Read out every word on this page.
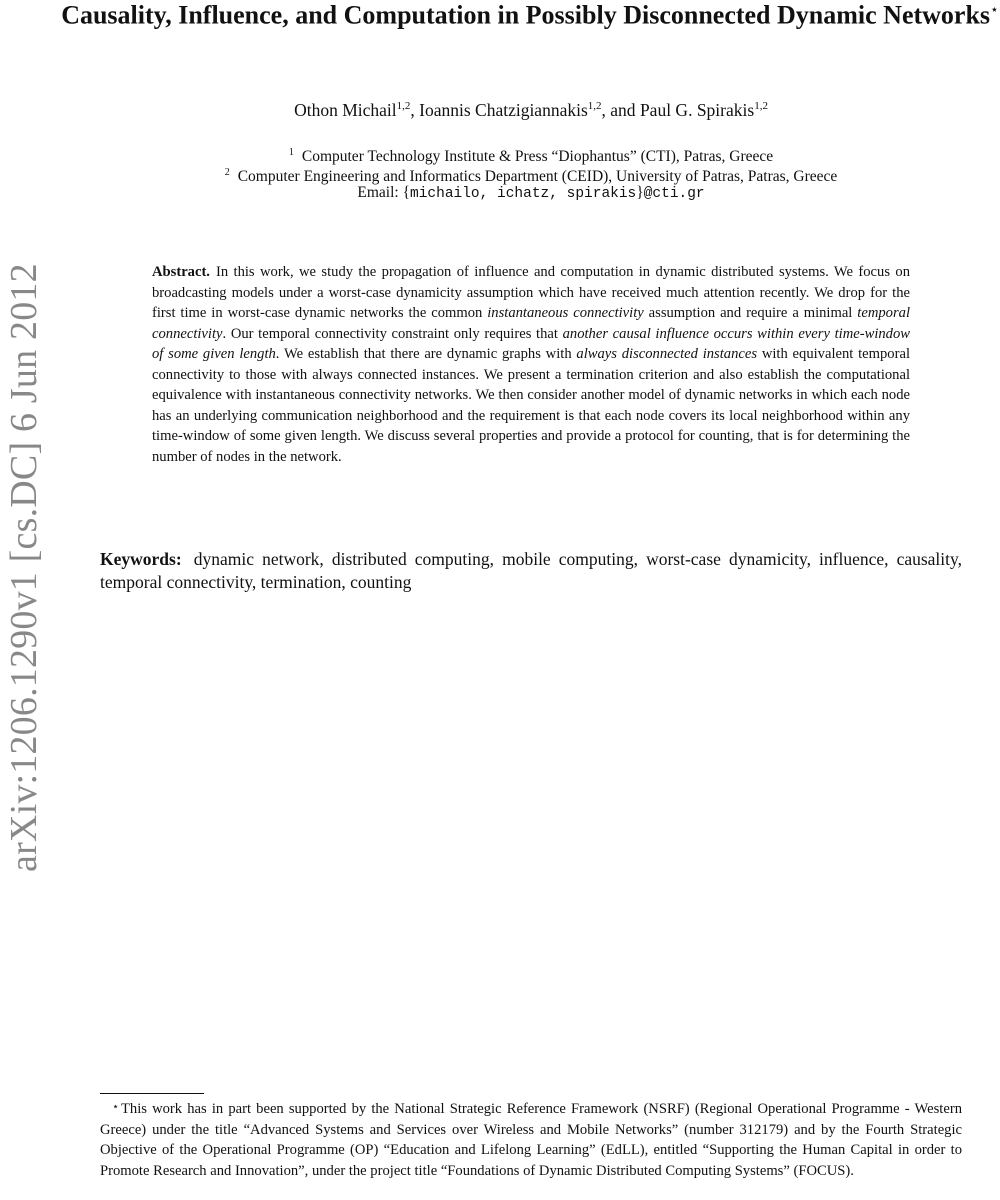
arXiv:1206.1290v1 [cs.DC] 6 Jun 2012
Causality, Influence, and Computation in Possibly Disconnected Dynamic Networks⋆
Othon Michail$^{1,2}$, Ioannis Chatzigiannakis$^{1,2}$, and Paul G. Spirakis$^{1,2}$
$^1$ Computer Technology Institute & Press “Diophantus” (CTI), Patras, Greece
$^2$ Computer Engineering and Informatics Department (CEID), University of Patras, Patras, Greece
Email: {michailo, ichatz, spirakis}@cti.gr
Abstract. In this work, we study the propagation of influence and computation in dynamic distributed systems. We focus on broadcasting models under a worst-case dynamicity assumption which have received much attention recently. We drop for the first time in worst-case dynamic networks the common instantaneous connectivity assumption and require a minimal temporal connectivity. Our temporal connectivity constraint only requires that another causal influence occurs within every time-window of some given length. We establish that there are dynamic graphs with always disconnected instances with equivalent temporal connectivity to those with always connected instances. We present a termination criterion and also establish the computational equivalence with instantaneous connectivity networks. We then consider another model of dynamic networks in which each node has an underlying communication neighborhood and the requirement is that each node covers its local neighborhood within any time-window of some given length. We discuss several properties and provide a protocol for counting, that is for determining the number of nodes in the network.
Keywords: dynamic network, distributed computing, mobile computing, worst-case dynamicity, influence, causality, temporal connectivity, termination, counting
⋆ This work has in part been supported by the National Strategic Reference Framework (NSRF) (Regional Operational Programme - Western Greece) under the title “Advanced Systems and Services over Wireless and Mobile Networks” (number 312179) and by the Fourth Strategic Objective of the Operational Programme (OP) “Education and Lifelong Learning” (EdLL), entitled “Supporting the Human Capital in order to Promote Research and Innovation”, under the project title “Foundations of Dynamic Distributed Computing Systems” (FOCUS).
